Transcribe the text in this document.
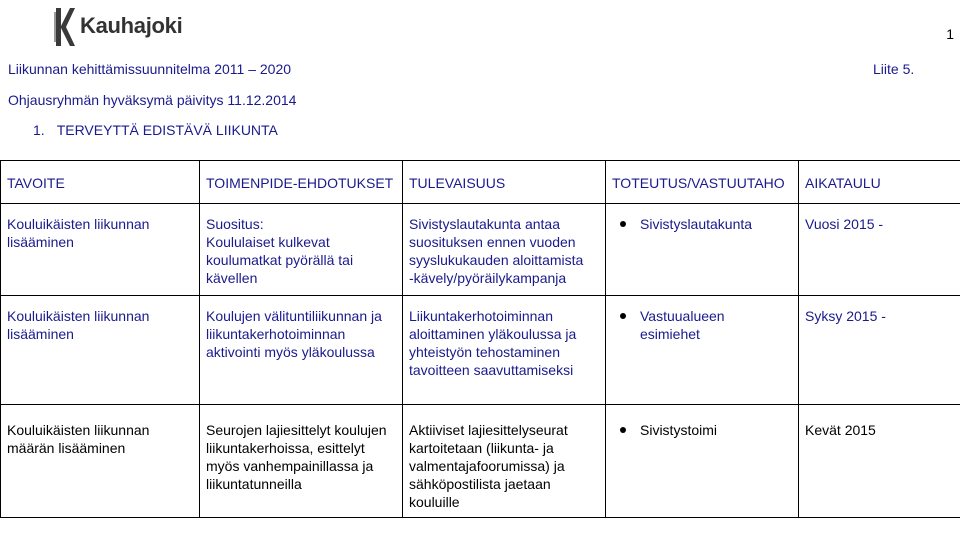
Kauhajoki	1
Liikunnan kehittämissuunnitelma 2011 – 2020	Liite 5.
Ohjausryhmän hyväksymä päivitys 11.12.2014
1. TERVEYTTÄ EDISTÄVÄ LIIKUNTA
TAVOITE	TOIMENPIDE-EHDOTUKSET	TULEVAISUUS	TOTEUTUS/VASTUUTAHO	AIKATAULU

Kouluikäisten liikunnan
lisääminen	Suositus:
Koululaiset kulkevat
koulumatkat pyörällä tai
kävellen	Sivistyslautakunta antaa
suosituksen ennen vuoden
syyslukukauden aloittamista
-kävely/pyöräilykampanja	Sivistyslautakunta	Vuosi 2015 -

Kouluikäisten liikunnan
lisääminen	Koulujen välituntiliikunnan ja
liikuntakerhotoiminnan
aktivointi myös yläkoulussa	Liikuntakerhotoiminnan
aloittaminen yläkoulussa ja
yhteistyön tehostaminen
tavoitteen saavuttamiseksi	Vastuualueen
esimiehet	Syksy 2015 -

Kouluikäisten liikunnan
määrän lisääminen	Seurojen lajiesittelyt koulujen
liikuntakerhoissa, esittelyt
myös vanhempainillassa ja
liikuntatunneilla	Aktiiviset lajiesittelyseurat
kartoitetaan (liikunta- ja
valmentajafoorumissa) ja
sähköpostilista jaetaan
kouluille	Sivistystoimi	Kevät 2015
